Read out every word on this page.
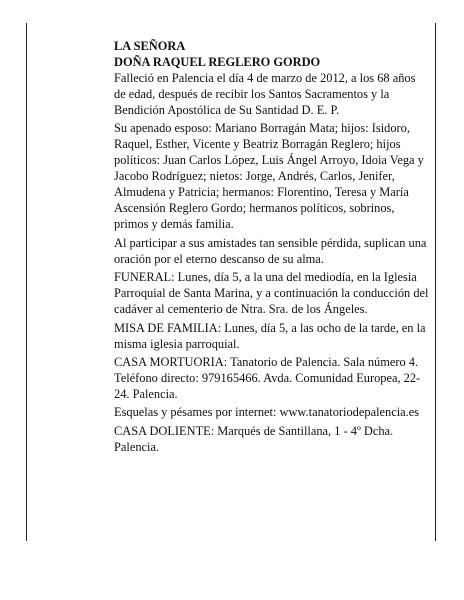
LA SEÑORA
DOÑA RAQUEL REGLERO GORDO

Falleció en Palencia el día 4 de marzo de 2012, a los 68 años de edad, después de recibir los Santos Sacramentos y la Bendición Apostólica de Su Santidad D. E. P.

Su apenado esposo: Mariano Borragán Mata; hijos: Isidoro, Raquel, Esther, Vicente y Beatriz Borragán Reglero; hijos políticos: Juan Carlos López, Luis Ángel Arroyo, Idoia Vega y Jacobo Rodríguez; nietos: Jorge, Andrés, Carlos, Jenifer, Almudena y Patricia; hermanos: Florentino, Teresa y María Ascensión Reglero Gordo; hermanos políticos, sobrinos, primos y demás familia.

Al participar a sus amistades tan sensible pérdida, suplican una oración por el eterno descanso de su alma.

FUNERAL: Lunes, día 5, a la una del mediodía, en la Iglesia Parroquial de Santa Marina, y a continuación la conducción del cadáver al cementerio de Ntra. Sra. de los Ángeles.

MISA DE FAMILIA: Lunes, día 5, a las ocho de la tarde, en la misma iglesia parroquial.

CASA MORTUORIA: Tanatorio de Palencia. Sala número 4. Teléfono directo: 979165466. Avda. Comunidad Europea, 22-24. Palencia.

Esquelas y pésames por internet: www.tanatoriodepalencia.es

CASA DOLIENTE: Marqués de Santillana, 1 - 4º Dcha. Palencia.
